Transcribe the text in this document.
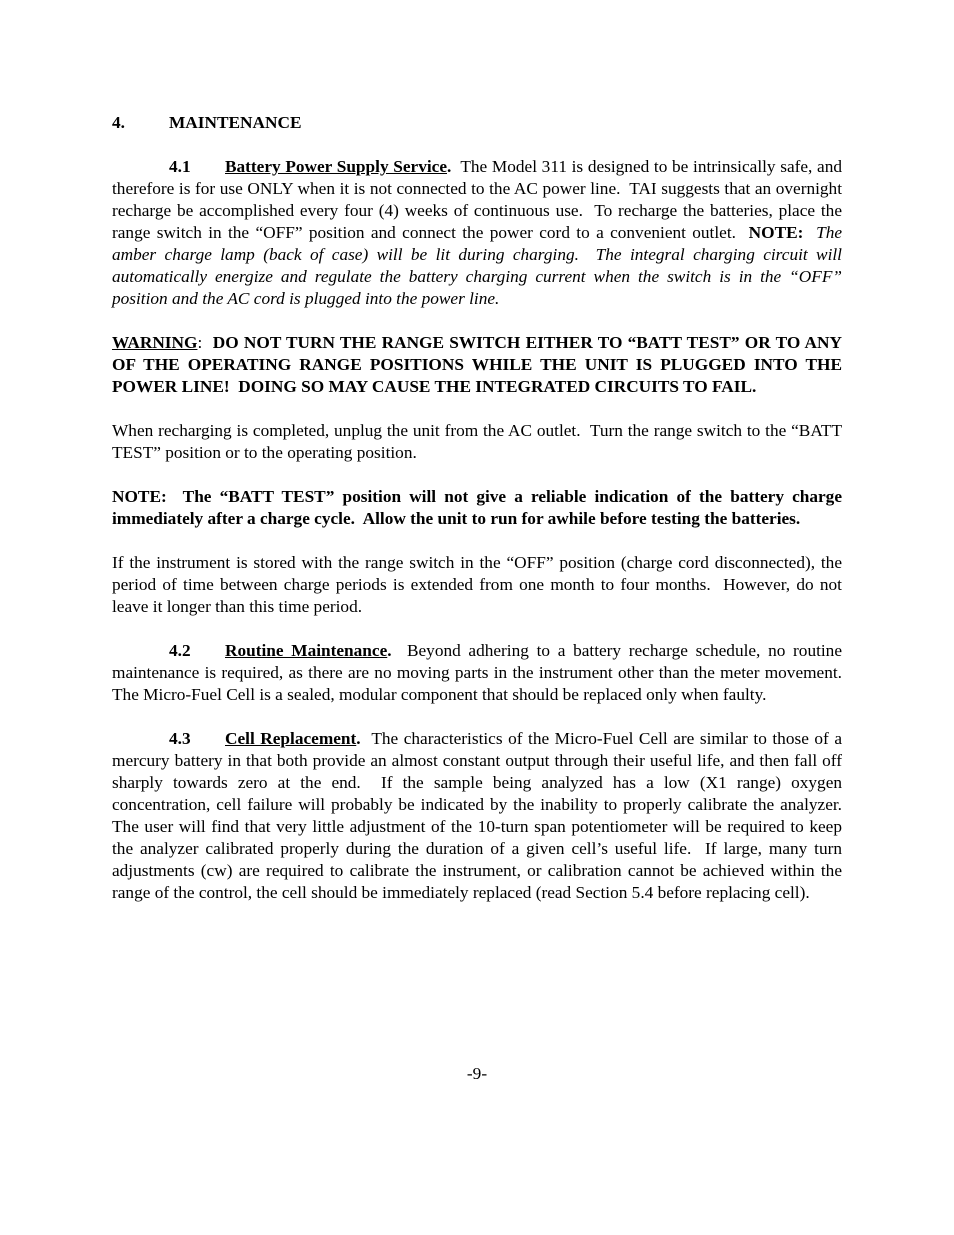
4.	MAINTENANCE

4.1 Battery Power Supply Service.  The Model 311 is designed to be intrinsically safe, and therefore is for use ONLY when it is not connected to the AC power line.  TAI suggests that an overnight recharge be accomplished every four (4) weeks of continuous use.  To recharge the batteries, place the range switch in the “OFF” position and connect the power cord to a convenient outlet.  NOTE:  The amber charge lamp (back of case) will be lit during charging.  The integral charging circuit will automatically energize and regulate the battery charging current when the switch is in the “OFF” position and the AC cord is plugged into the power line.

WARNING:  DO NOT TURN THE RANGE SWITCH EITHER TO “BATT TEST” OR TO ANY OF THE OPERATING RANGE POSITIONS WHILE THE UNIT IS PLUGGED INTO THE POWER LINE!  DOING SO MAY CAUSE THE INTEGRATED CIRCUITS TO FAIL.

When recharging is completed, unplug the unit from the AC outlet.  Turn the range switch to the “BATT TEST” position or to the operating position.

NOTE:  The “BATT TEST” position will not give a reliable indication of the battery charge immediately after a charge cycle.  Allow the unit to run for awhile before testing the batteries.

If the instrument is stored with the range switch in the “OFF” position (charge cord disconnected), the period of time between charge periods is extended from one month to four months.  However, do not leave it longer than this time period.

4.2 Routine Maintenance.  Beyond adhering to a battery recharge schedule, no routine maintenance is required, as there are no moving parts in the instrument other than the meter movement.  The Micro-Fuel Cell is a sealed, modular component that should be replaced only when faulty.

4.3 Cell Replacement.  The characteristics of the Micro-Fuel Cell are similar to those of a mercury battery in that both provide an almost constant output through their useful life, and then fall off sharply towards zero at the end.  If the sample being analyzed has a low (X1 range) oxygen concentration, cell failure will probably be indicated by the inability to properly calibrate the analyzer.  The user will find that very little adjustment of the 10-turn span potentiometer will be required to keep the analyzer calibrated properly during the duration of a given cell’s useful life.  If large, many turn adjustments (cw) are required to calibrate the instrument, or calibration cannot be achieved within the range of the control, the cell should be immediately replaced (read Section 5.4 before replacing cell).

-9-
